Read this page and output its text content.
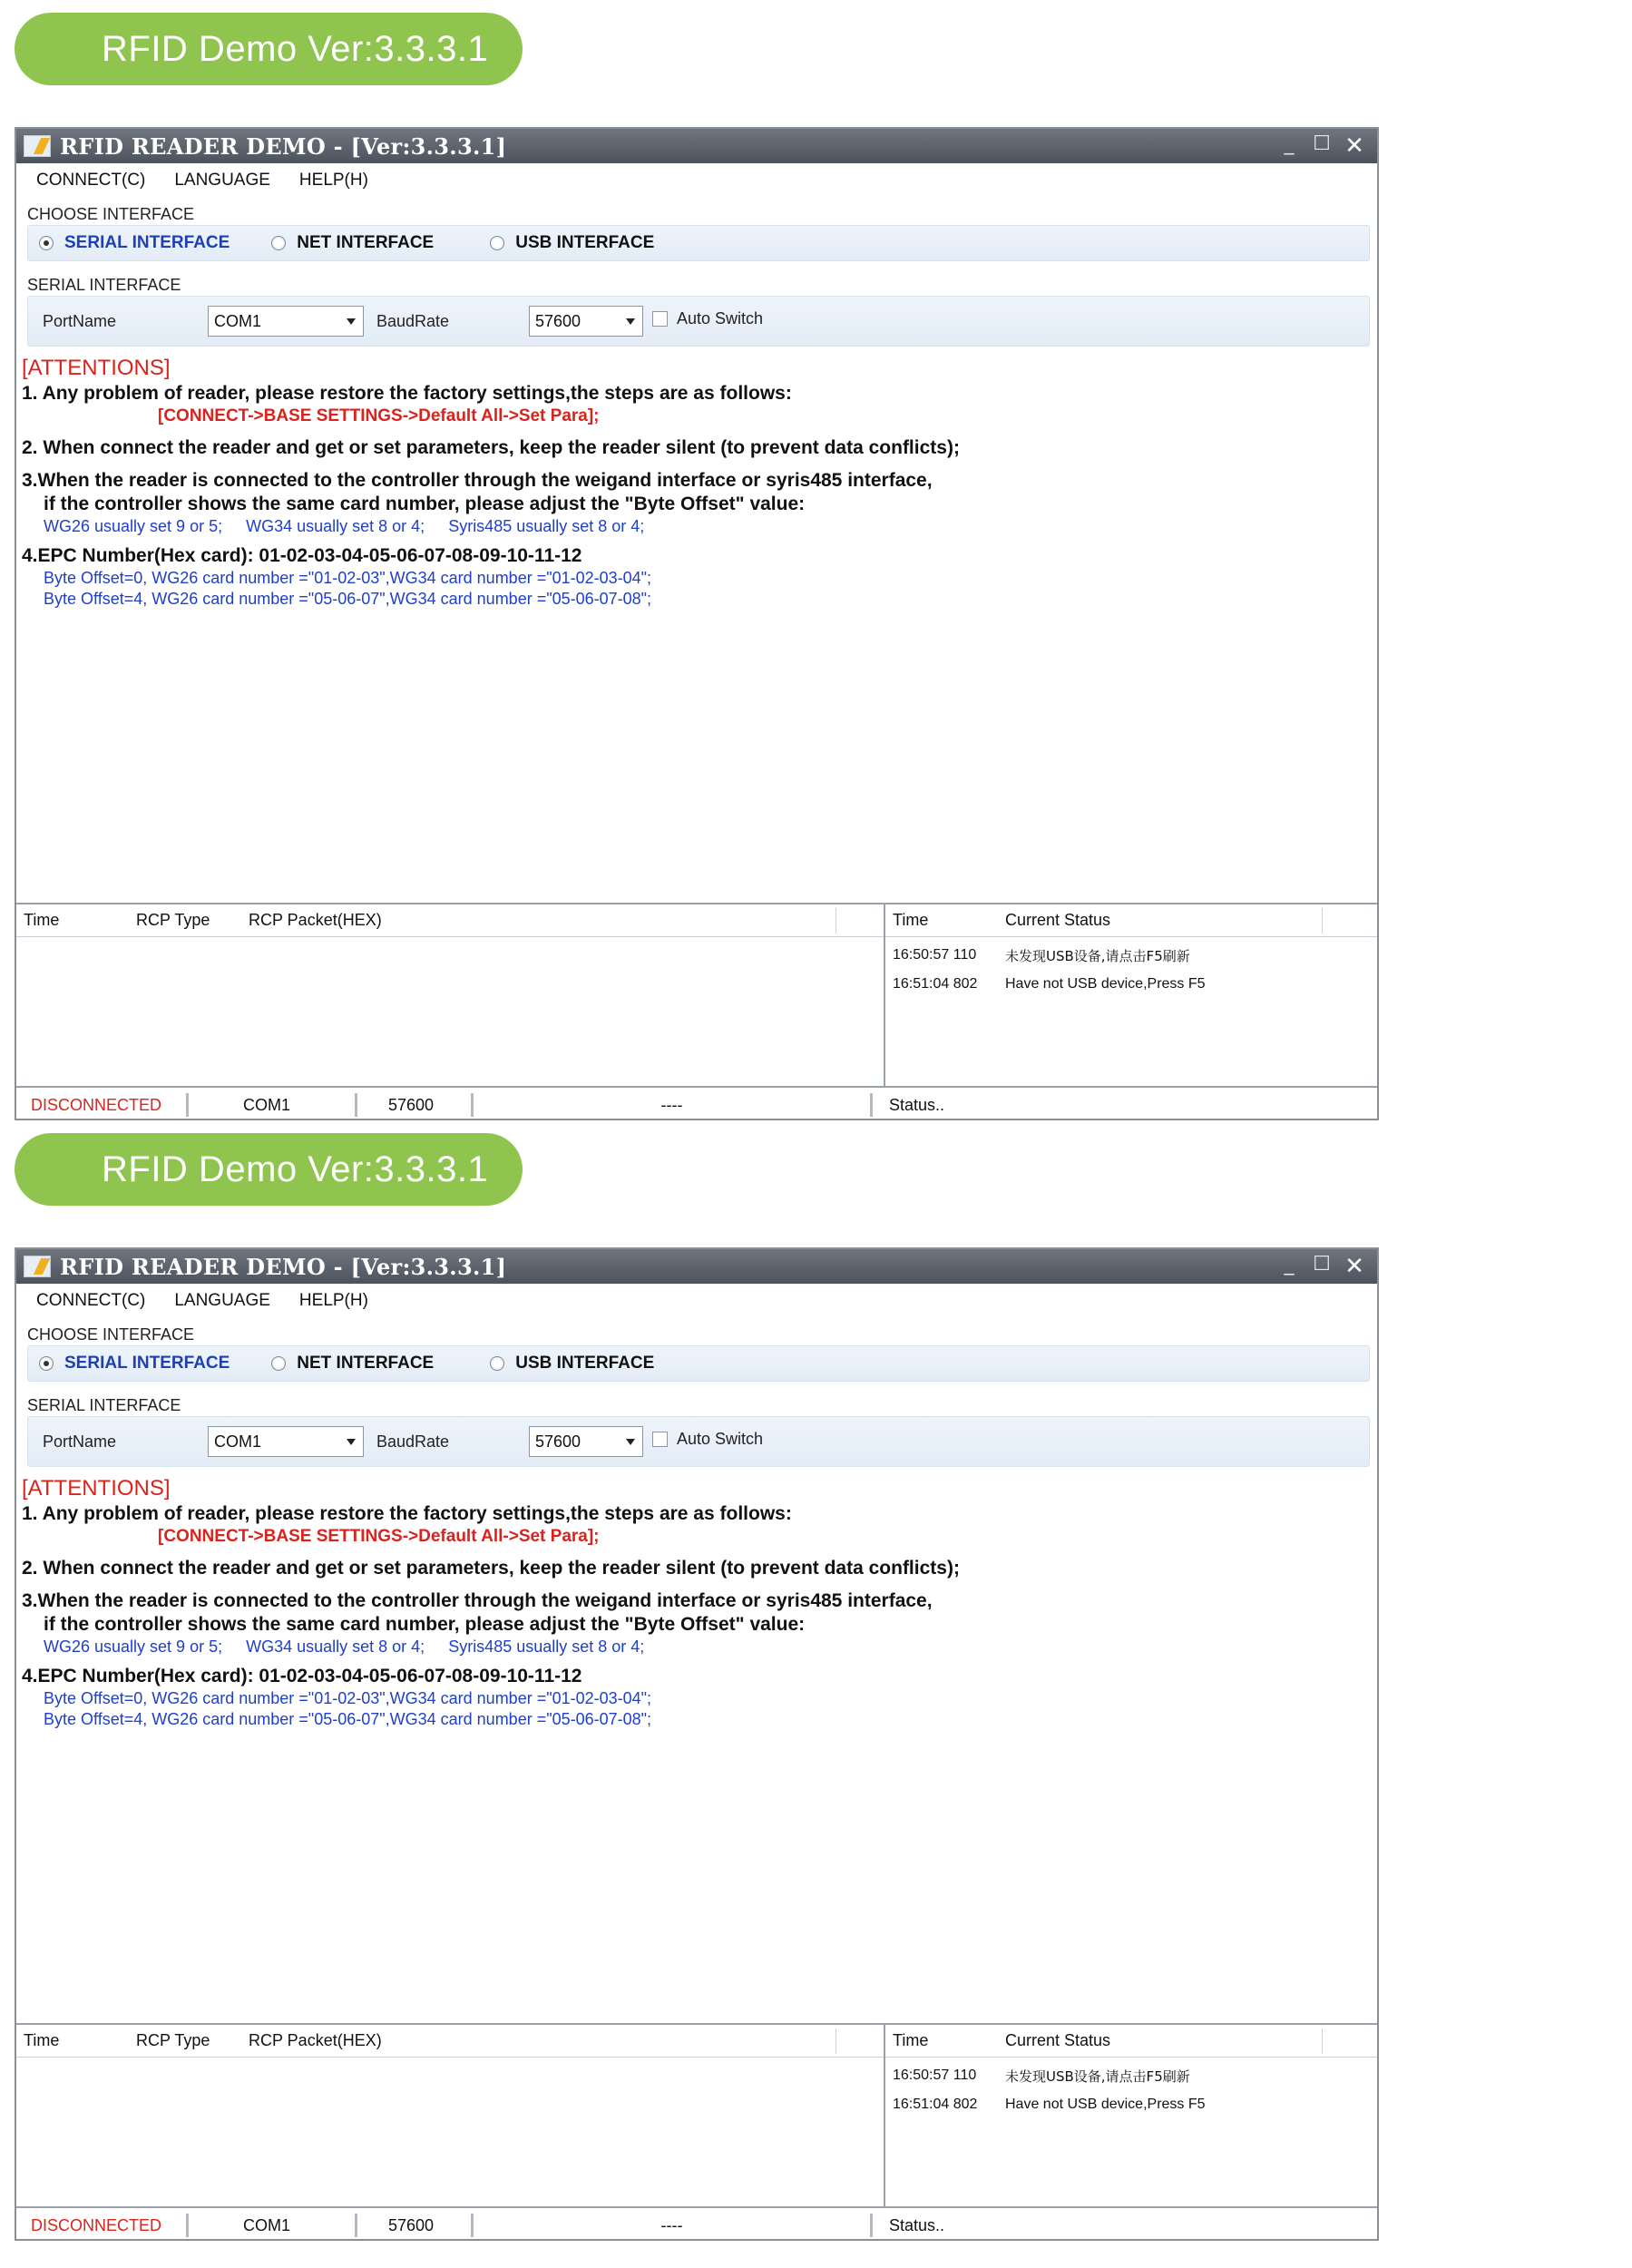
RFID Demo Ver:3.3.3.1
RFID READER DEMO - [Ver:3.3.3.1]	_ ☐ ✕
CONNECT(C) LANGUAGE HELP(H)
CHOOSE INTERFACE
SERIAL INTERFACE	NET INTERFACE	USB INTERFACE
SERIAL INTERFACE
PortName	COM1	BaudRate	57600	Auto Switch
[ATTENTIONS]
1. Any problem of reader, please restore the factory settings,the steps are as follows:
[CONNECT->BASE SETTINGS->Default All->Set Para];
2. When connect the reader and get or set parameters, keep the reader silent (to prevent data conflicts);
3.When the reader is connected to the controller through the weigand interface or syris485 interface,
if the controller shows the same card number, please adjust the "Byte Offset" value:
WG26 usually set 9 or 5; WG34 usually set 8 or 4; Syris485 usually set 8 or 4;
4.EPC Number(Hex card): 01-02-03-04-05-06-07-08-09-10-11-12
Byte Offset=0, WG26 card number ="01-02-03",WG34 card number ="01-02-03-04";
Byte Offset=4, WG26 card number ="05-06-07",WG34 card number ="05-06-07-08";
Time	RCP Type RCP Packet(HEX)	Time	Current Status
16:50:57 110	未发现USB设备,请点击F5刷新
16:51:04 802	Have not USB device,Press F5
DISCONNECTED	COM1	57600	----	Status..
RFID Demo Ver:3.3.3.1
RFID READER DEMO - [Ver:3.3.3.1]	_ ☐ ✕
CONNECT(C) LANGUAGE HELP(H)
CHOOSE INTERFACE
SERIAL INTERFACE	NET INTERFACE	USB INTERFACE
SERIAL INTERFACE
PortName	COM1	BaudRate	57600	Auto Switch
[ATTENTIONS]
1. Any problem of reader, please restore the factory settings,the steps are as follows:
[CONNECT->BASE SETTINGS->Default All->Set Para];
2. When connect the reader and get or set parameters, keep the reader silent (to prevent data conflicts);
3.When the reader is connected to the controller through the weigand interface or syris485 interface,
if the controller shows the same card number, please adjust the "Byte Offset" value:
WG26 usually set 9 or 5; WG34 usually set 8 or 4; Syris485 usually set 8 or 4;
4.EPC Number(Hex card): 01-02-03-04-05-06-07-08-09-10-11-12
Byte Offset=0, WG26 card number ="01-02-03",WG34 card number ="01-02-03-04";
Byte Offset=4, WG26 card number ="05-06-07",WG34 card number ="05-06-07-08";
Time	RCP Type RCP Packet(HEX)	Time	Current Status
16:50:57 110	未发现USB设备,请点击F5刷新
16:51:04 802	Have not USB device,Press F5
DISCONNECTED	COM1	57600	----	Status..
